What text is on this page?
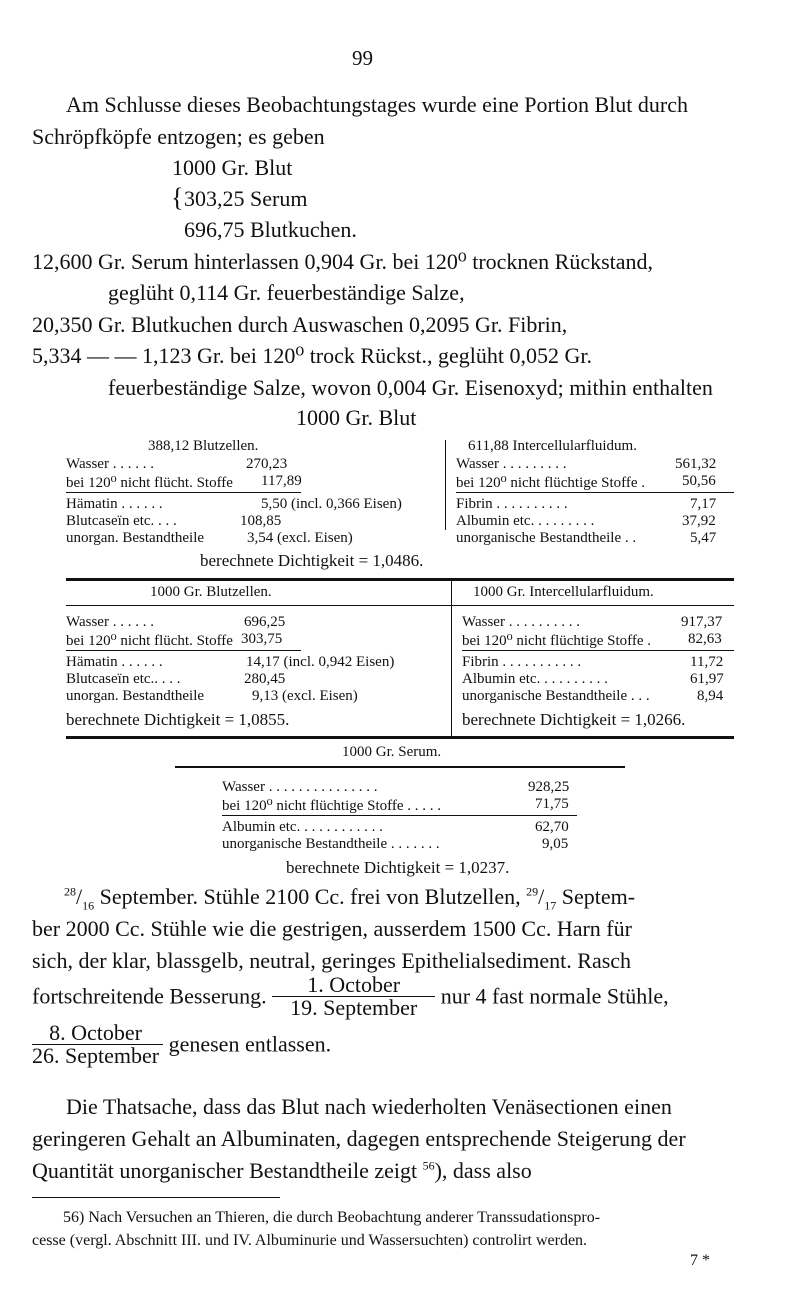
99
Am Schlusse dieses Beobachtungstages wurde eine Portion Blut durch
Schröpfköpfe entzogen; es geben
1000 Gr. Blut
{ 303,25 Serum
696,75 Blutkuchen.
12,600 Gr. Serum hinterlassen 0,904 Gr. bei 120⁰ trocknen Rückstand,
geglüht 0,114 Gr. feuerbeständige Salze,
20,350 Gr. Blutkuchen durch Auswaschen 0,2095 Gr. Fibrin,
5,334 — — 1,123 Gr. bei 120⁰ trock Rückst., geglüht 0,052 Gr.
feuerbeständige Salze, wovon 0,004 Gr. Eisenoxyd; mithin enthalten
1000 Gr. Blut
388,12 Blutzellen.	611,88 Intercellularfluidum.
Wasser . . . . . .	270,23
bei 120⁰ nicht flücht. Stoffe 117,89
Hämatin . . . . . .	5,50 (incl. 0,366 Eisen)
Blutcaseïn etc. . . .	108,85
unorgan. Bestandtheile	3,54 (excl. Eisen)
Wasser . . . . . . . . .	561,32
bei 120⁰ nicht flüchtige Stoffe . 50,56
Fibrin . . . . . . . . . .	7,17
Albumin etc. . . . . . . . .	37,92
unorganische Bestandtheile . .	5,47
berechnete Dichtigkeit = 1,0486.
1000 Gr. Blutzellen.	1000 Gr. Intercellularfluidum.
Wasser . . . . . .	696,25
bei 120⁰ nicht flücht. Stoffe 303,75
Hämatin . . . . . .	14,17 (incl. 0,942 Eisen)
Blutcaseïn etc.. . . .	280,45
unorgan. Bestandtheile	9,13 (excl. Eisen)
berechnete Dichtigkeit = 1,0855.
Wasser . . . . . . . . . .	917,37
bei 120⁰ nicht flüchtige Stoffe . 82,63
Fibrin . . . . . . . . . . .	11,72
Albumin etc. . . . . . . . . .	61,97
unorganische Bestandtheile . . .	8,94
berechnete Dichtigkeit = 1,0266.
1000 Gr. Serum.
Wasser . . . . . . . . . . . . . . .	928,25
bei 120⁰ nicht flüchtige Stoffe . . . . .	71,75
Albumin etc. . . . . . . . . . . .	62,70
unorganische Bestandtheile . . . . . . .	9,05
berechnete Dichtigkeit = 1,0237.
$^{28}/_{16}$ September. Stühle 2100 Cc. frei von Blutzellen, $^{29}/_{17}$ Septem-
ber 2000 Cc. Stühle wie die gestrigen, ausserdem 1500 Cc. Harn für
sich, der klar, blassgelb, neutral, geringes Epithelialsediment. Rasch
fortschreitende Besserung. $\frac{\text{1. October}}{\text{19. September}}$ nur 4 fast normale Stühle,
$\frac{\text{8. October}}{\text{26. September}}$ genesen entlassen.
Die Thatsache, dass das Blut nach wiederholten Venäsectionen einen
geringeren Gehalt an Albuminaten, dagegen entsprechende Steigerung der
Quantität unorganischer Bestandtheile zeigt $^{56}$), dass also
56) Nach Versuchen an Thieren, die durch Beobachtung anderer Transsudationspro-
cesse (vergl. Abschnitt III. und IV. Albuminurie und Wassersuchten) controlirt werden.
7 *
